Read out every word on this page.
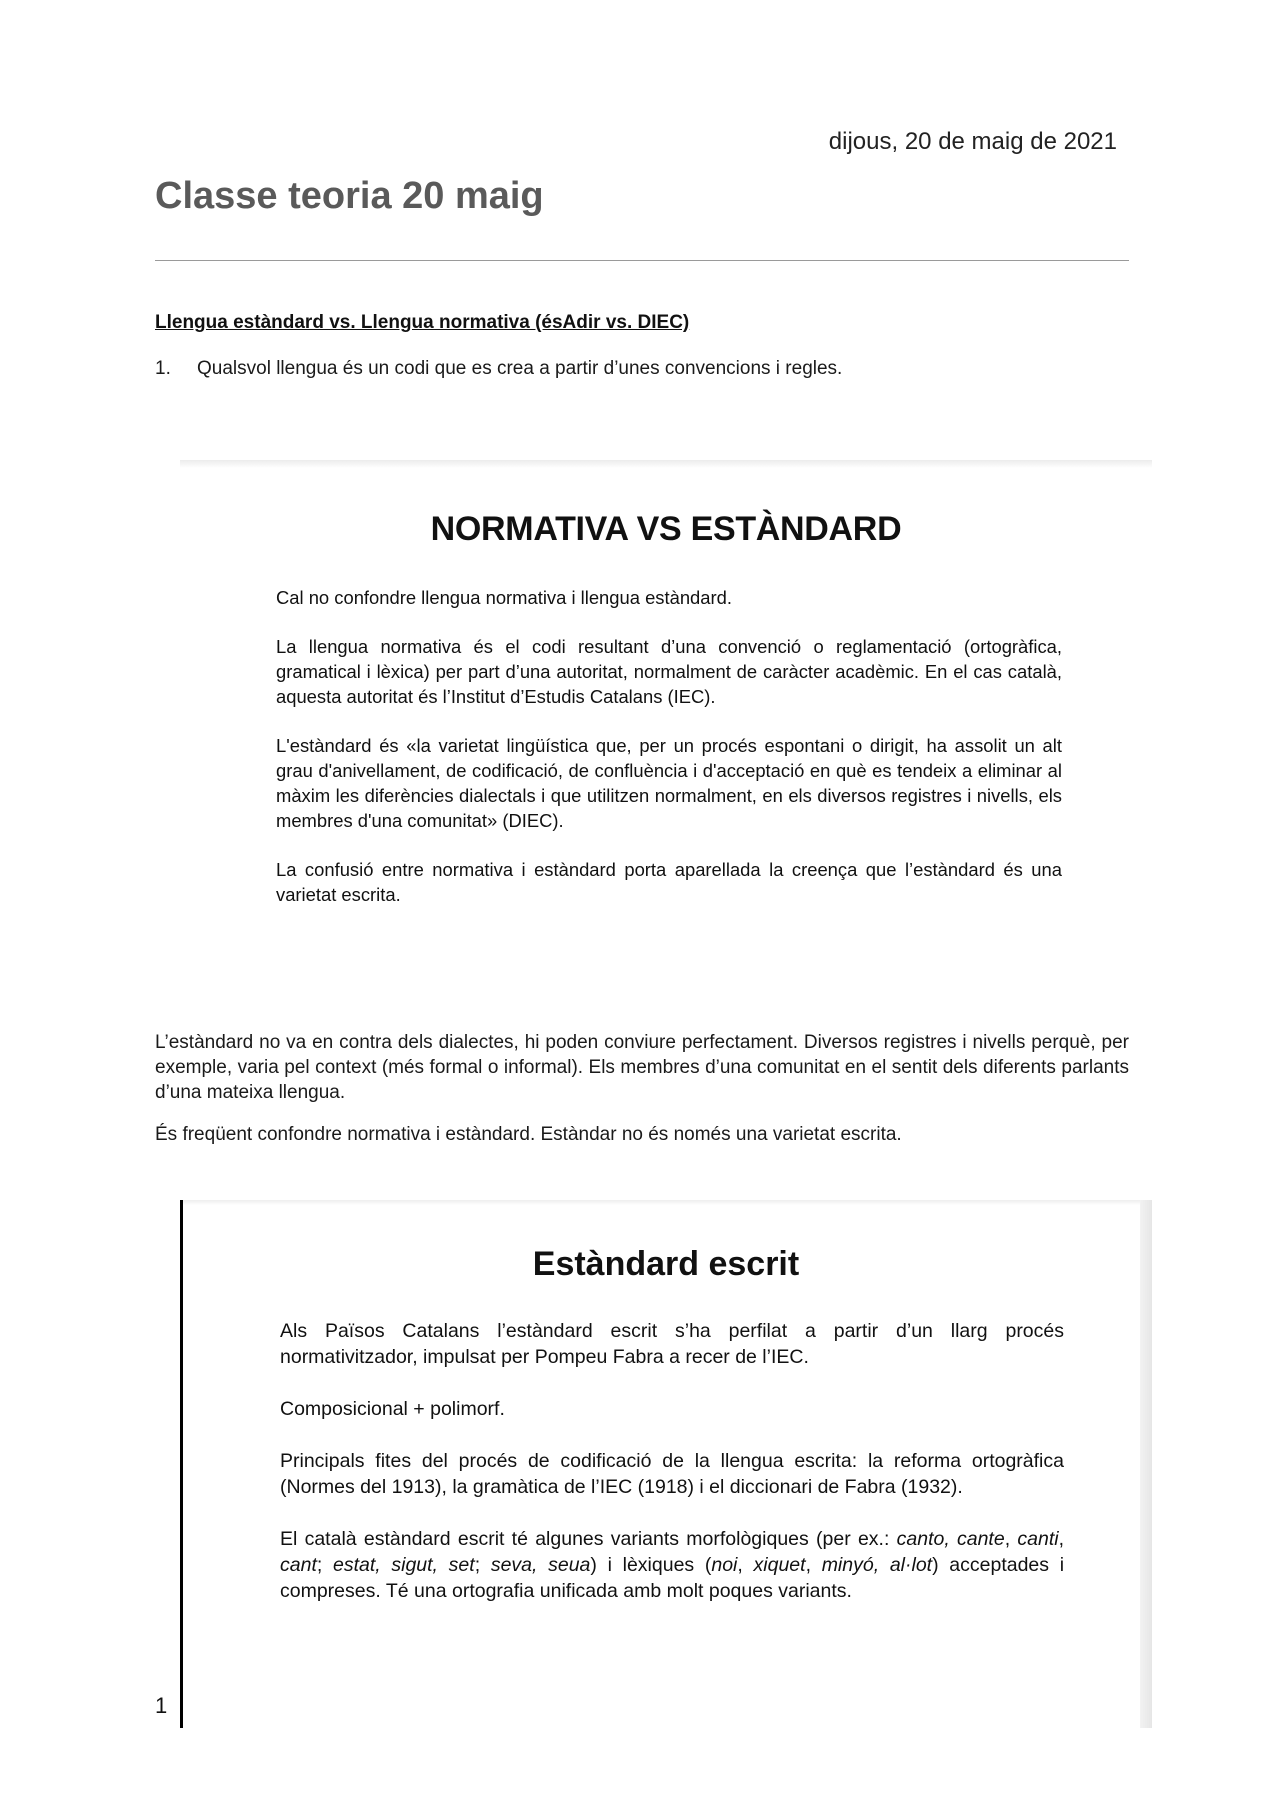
dijous, 20 de maig de 2021
Classe teoria 20 maig

Llengua estàndard vs. Llengua normativa (ésAdir vs. DIEC)

1.	Qualsvol llengua és un codi que es crea a partir d’unes convencions i regles.
NORMATIVA VS ESTÀNDARD

Cal no confondre llengua normativa i llengua estàndard.

La llengua normativa és el codi resultant d’una convenció o reglamentació (ortogràfica, gramatical i lèxica) per part d’una autoritat, normalment de caràcter acadèmic. En el cas català, aquesta autoritat és l’Institut d’Estudis Catalans (IEC).

L'estàndard és «la varietat lingüística que, per un procés espontani o dirigit, ha assolit un alt grau d'anivellament, de codificació, de confluència i d'acceptació en què es tendeix a eliminar al màxim les diferències dialectals i que utilitzen normalment, en els diversos registres i nivells, els membres d'una comunitat» (DIEC).

La confusió entre normativa i estàndard porta aparellada la creença que l’estàndard és una varietat escrita.

L’estàndard no va en contra dels dialectes, hi poden conviure perfectament. Diversos registres i nivells perquè, per exemple, varia pel context (més formal o informal). Els membres d’una comunitat en el sentit dels diferents parlants d’una mateixa llengua.

És freqüent confondre normativa i estàndard. Estàndar no és només una varietat escrita.

Estàndard escrit

Als Països Catalans l’estàndard escrit s’ha perfilat a partir d’un llarg procés normativitzador, impulsat per Pompeu Fabra a recer de l’IEC.

Composicional + polimorf.

Principals fites del procés de codificació de la llengua escrita: la reforma ortogràfica (Normes del 1913), la gramàtica de l’IEC (1918) i el diccionari de Fabra (1932).

El català estàndard escrit té algunes variants morfològiques (per ex.: canto, cante, canti, cant; estat, sigut, set; seva, seua) i lèxiques (noi, xiquet, minyó, al·lot) acceptades i compreses. Té una ortografia unificada amb molt poques variants.

1
